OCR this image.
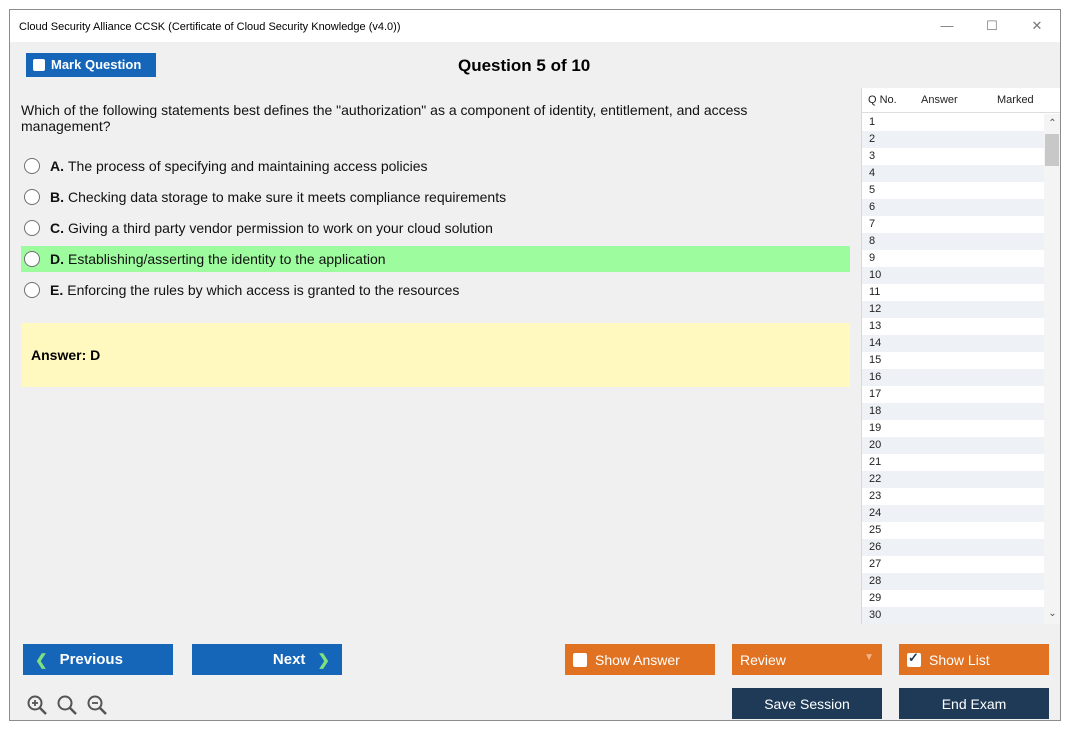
Cloud Security Alliance CCSK (Certificate of Cloud Security Knowledge (v4.0))	—	☐	✕
Mark Question	Question 5 of 10
Which of the following statements best defines the "authorization" as a component of identity, entitlement, and access management?
A. The process of specifying and maintaining access policies
B. Checking data storage to make sure it meets compliance requirements
C. Giving a third party vendor permission to work on your cloud solution
D. Establishing/asserting the identity to the application
E. Enforcing the rules by which access is granted to the resources
Answer: D
Q No. Answer	Marked
1
2
3
4
5
6
7
8
9
10
11
12
13
14
15
16
17
18
19
20
21
22
23
24
25
26
27
28
29
30
⌃
⌄
❮ Previous	Next ❯	Show Answer	Review	▼
✓	Show List
Save Session	End Exam
